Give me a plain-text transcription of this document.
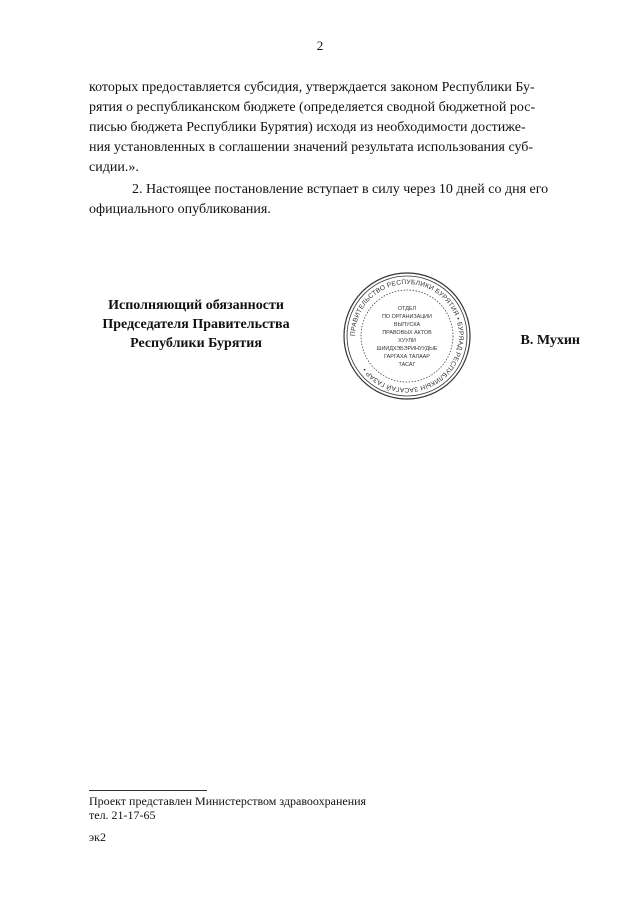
2
которых предоставляется субсидия, утверждается законом Республики Бу-
рятия о республиканском бюджете (определяется сводной бюджетной рос-
писью бюджета Республики Бурятия) исходя из необходимости достиже-
ния установленных в соглашении значений результата использования суб-
сидии.».
2. Настоящее постановление вступает в силу через 10 дней со дня его
официального опубликования.
Исполняющий обязанности
Председателя Правительства
Республики Бурятия
ПРАВИТЕЛЬСТВО РЕСПУБЛИКИ БУРЯТИЯ • БУРЯАД РЕСПУБЛИКЫН ЗАСАГАЙ ГАЗАР •
ОТДЕЛ
ПО ОРГАНИЗАЦИИ
ВЫПУСКА
ПРАВОВЫХ АКТОВ
ХУУЛИ
ШИИДХЭБЭРИНУУДЫЕ
ГАРГАХА ТАЛААР
ТАСАГ
В. Мухин
Проект представлен Министерством здравоохранения
тел. 21-17-65
эк2
